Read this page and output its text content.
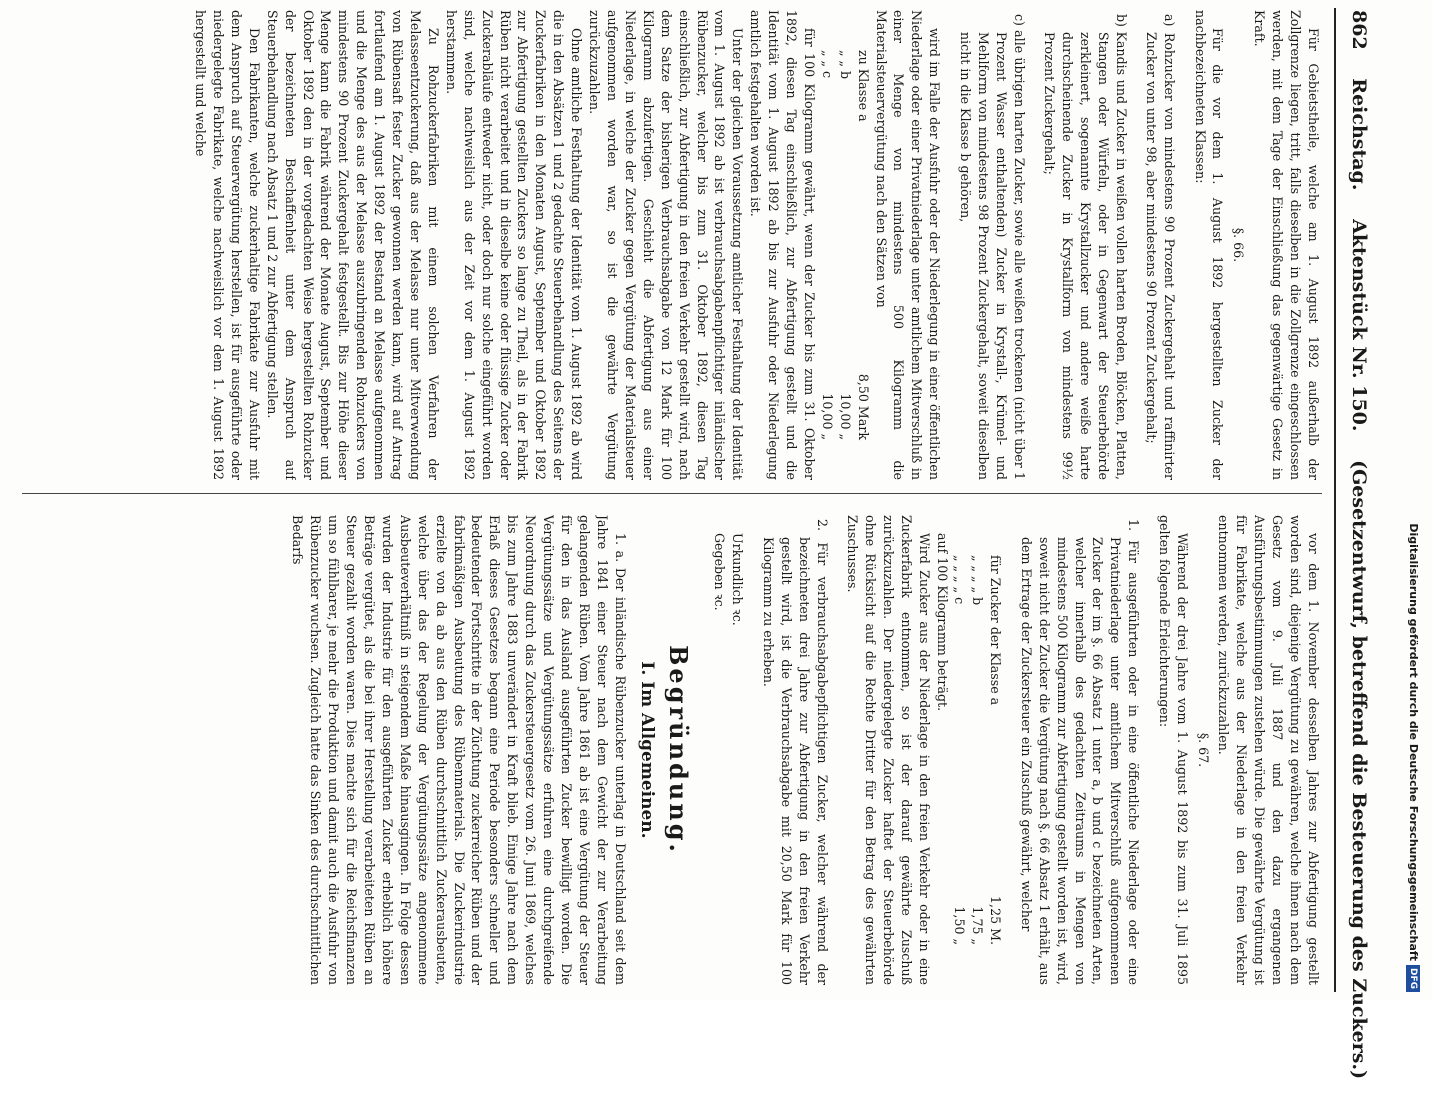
862 Reichstag. Aktenstück Nr. 150. (Gesetzentwurf, betreffend die Besteuerung des Zuckers.)

Für Gebietstheile, welche am 1. August 1892 außerhalb der Zollgrenze liegen, tritt, falls dieselben in die Zollgrenze eingeschlossen werden, mit dem Tage der Einschließung das gegenwärtige Gesetz in Kraft.

§. 66.

Für die vor dem 1. August 1892 hergestellten Zucker der nachbezeichneten Klassen:

a) Rohzucker von mindestens 90 Prozent Zuckergehalt und raffinirter Zucker von unter 98, aber mindestens 90 Prozent Zuckergehalt;

b) Kandis und Zucker in weißen vollen harten Broden, Blöcken, Platten, Stangen oder Würfeln, oder in Gegenwart der Steuerbehörde zerkleinert, sogenannte Krystallzucker und andere weiße harte durchscheinende Zucker in Krystallform von mindestens 99½ Prozent Zuckergehalt;

c) alle übrigen harten Zucker, sowie alle weißen trockenen (nicht über 1 Prozent Wasser enthaltenden) Zucker in Krystall-, Krümel- und Mehlform von mindestens 98 Prozent Zuckergehalt, soweit dieselben nicht in die Klasse b gehören,

wird im Falle der Ausfuhr oder der Niederlegung in einer öffentlichen Niederlage oder einer Privatniederlage unter amtlichem Mitverschluß in einer Menge von mindestens 500 Kilogramm die Materialsteuervergütung nach den Sätzen von

zu Klasse a
8,50 Mark
„ „ b
10,00 „
„ „ c
10,00 „

für 100 Kilogramm gewährt, wenn der Zucker bis zum 31. Oktober 1892, diesen Tag einschließlich, zur Abfertigung gestellt und die Identität vom 1. August 1892 ab bis zur Ausfuhr oder Niederlegung amtlich festgehalten worden ist.

Unter der gleichen Voraussetzung amtlicher Festhaltung der Identität vom 1. August 1892 ab ist verbrauchsabgabenpflichtiger inländischer Rübenzucker, welcher bis zum 31. Oktober 1892, diesen Tag einschließlich, zur Abfertigung in den freien Verkehr gestellt wird, nach dem Satze der bisherigen Verbrauchsabgabe von 12 Mark für 100 Kilogramm abzufertigen. Geschieht die Abfertigung aus einer Niederlage, in welche der Zucker gegen Vergütung der Materialsteuer aufgenommen worden war, so ist die gewährte Vergütung zurückzuzahlen.

Ohne amtliche Festhaltung der Identität vom 1. August 1892 ab wird die in den Absätzen 1 und 2 gedachte Steuerbehandlung des Seitens der Zuckerfabriken in den Monaten August, September und Oktober 1892 zur Abfertigung gestellten Zuckers so lange zu Theil, als in der Fabrik Rüben nicht verarbeitet und in dieselbe keine oder flüssige Zucker oder Zuckerabläufe entweder nicht, oder doch nur solche eingeführt worden sind, welche nachweislich aus der Zeit vor dem 1. August 1892 herstammen.

Zu Rohzuckerfabriken mit einem solchen Verfahren der Melasseentzuckerung, daß aus der Melasse nur unter Mitverwendung von Rübensaft fester Zucker gewonnen werden kann, wird auf Antrag fortlaufend am 1. August 1892 der Bestand an Melasse aufgenommen und die Menge des aus der Melasse auszubringenden Rohzuckers von mindestens 90 Prozent Zuckergehalt festgestellt. Bis zur Höhe dieser Menge kann die Fabrik während der Monate August, September und Oktober 1892 den in der vorgedachten Weise hergestellten Rohzucker der bezeichneten Beschaffenheit unter dem Anspruch auf Steuerbehandlung nach Absatz 1 und 2 zur Abfertigung stellen.

Den Fabrikanten, welche zuckerhaltige Fabrikate zur Ausfuhr mit dem Anspruch auf Steuervergütung herstellen, ist für ausgeführte oder niedergelegte Fabrikate, welche nachweislich vor dem 1. August 1892 hergestellt und welche

vor dem 1. November desselben Jahres zur Abfertigung gestellt worden sind, diejenige Vergütung zu gewähren, welche ihnen nach dem Gesetz vom 9. Juli 1887 und den dazu ergangenen Ausführungsbestimmungen zustehen würde. Die gewährte Vergütung ist für Fabrikate, welche aus der Niederlage in den freien Verkehr entnommen werden, zurückzuzahlen.

§. 67.

Während der drei Jahre vom 1. August 1892 bis zum 31. Juli 1895 gelten folgende Erleichterungen:

1. Für ausgeführten oder in eine öffentliche Niederlage oder eine Privatniederlage unter amtlichem Mitverschluß aufgenommenen Zucker der im §. 66 Absatz 1 unter a, b und c bezeichneten Arten, welcher innerhalb des gedachten Zeitraums in Mengen von mindestens 500 Kilogramm zur Abfertigung gestellt worden ist, wird, soweit nicht der Zucker die Vergütung nach §. 66 Absatz 1 erhält, aus dem Ertrage der Zuckersteuer ein Zuschuß gewährt, welcher

für Zucker der Klasse a
1,25 M.
„ „ „ „ b
1,75 „
„ „ „ „ c
1,50 „

auf 100 Kilogramm beträgt.

Wird Zucker aus der Niederlage in den freien Verkehr oder in eine Zuckerfabrik entnommen, so ist der darauf gewährte Zuschuß zurückzuzahlen. Der niedergelegte Zucker haftet der Steuerbehörde ohne Rücksicht auf die Rechte Dritter für den Betrag des gewährten Zuschusses.

2. Für verbrauchsabgabepflichtigen Zucker, welcher während der bezeichneten drei Jahre zur Abfertigung in den freien Verkehr gestellt wird, ist die Verbrauchsabgabe mit 20,50 Mark für 100 Kilogramm zu erheben.

Urkundlich ꝛc.

Gegeben ꝛc.

Begründung.
I. Im Allgemeinen.

1. a. Der inländische Rübenzucker unterlag in Deutschland seit dem Jahre 1841 einer Steuer nach dem Gewicht der zur Verarbeitung gelangenden Rüben. Vom Jahre 1861 ab ist eine Vergütung der Steuer für den in das Ausland ausgeführten Zucker bewilligt worden. Die Vergütungssätze und Vergütungssätze erfuhren eine durchgreifende Neuordnung durch das Zuckersteuergesetz vom 26. Juni 1869, welches bis zum Jahre 1883 unverändert in Kraft blieb. Einige Jahre nach dem Erlaß dieses Gesetzes begann eine Periode besonders schneller und bedeutender Fortschritte in der Züchtung zuckerreicher Rüben und der fabrikmäßigen Ausbeutung des Rübenmaterials. Die Zuckerindustrie erzielte von da ab aus den Rüben durchschnittlich Zuckerausbeuten, welche über das der Regelung der Vergütungssätze angenommene Ausbeuteverhältniß in steigendem Maße hinausgingen. In Folge dessen wurden der Industrie für den ausgeführten Zucker erheblich höhere Beträge vergütet, als die bei ihrer Herstellung verarbeiteten Rüben an Steuer gezahlt worden waren. Dies machte sich für die Reichsfinanzen um so fühlbarer, je mehr die Produktion und damit auch die Ausfuhr von Rübenzucker wuchsen. Zugleich hatte das Sinken des durchschnittlichen Bedarfs	Digitalisierung gefördert durch die Deutsche ForschungsgemeinschaftDFG
